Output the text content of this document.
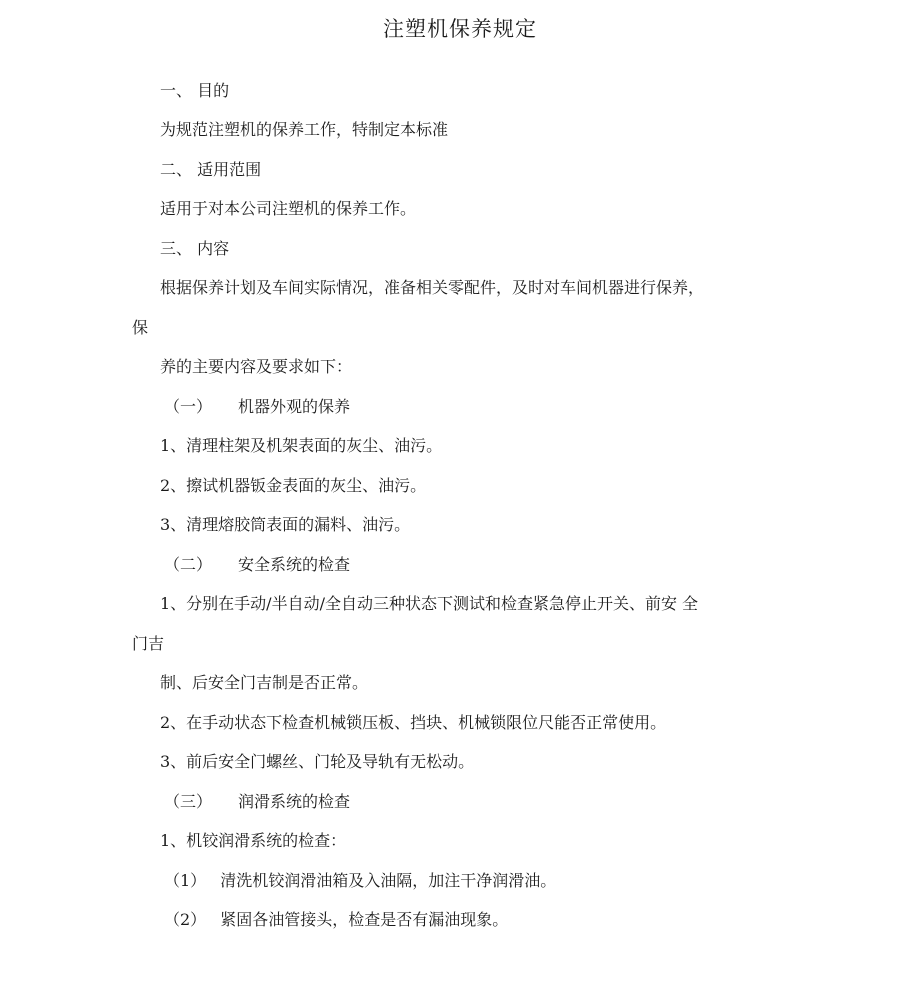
注塑机保养规定
一、 目的
为规范注塑机的保养工作，特制定本标准
二、 适用范围
适用于对本公司注塑机的保养工作。
三、 内容
根据保养计划及车间实际情况，准备相关零配件，及时对车间机器进行保养，
保
养的主要内容及要求如下：
（一） 机器外观的保养
1、清理柱架及机架表面的灰尘、油污。
2、擦试机器钣金表面的灰尘、油污。
3、清理熔胶筒表面的漏料、油污。
（二） 安全系统的检查
1、分别在手动/半自动/全自动三种状态下测试和检查紧急停止开关、前安 全
门吉
制、后安全门吉制是否正常。
2、在手动状态下检查机械锁压板、挡块、机械锁限位尺能否正常使用。
3、前后安全门螺丝、门轮及导轨有无松动。
（三） 润滑系统的检查
1、机铰润滑系统的检查：
（1） 清洗机铰润滑油箱及入油隔，加注干净润滑油。
（2） 紧固各油管接头，检查是否有漏油现象。
